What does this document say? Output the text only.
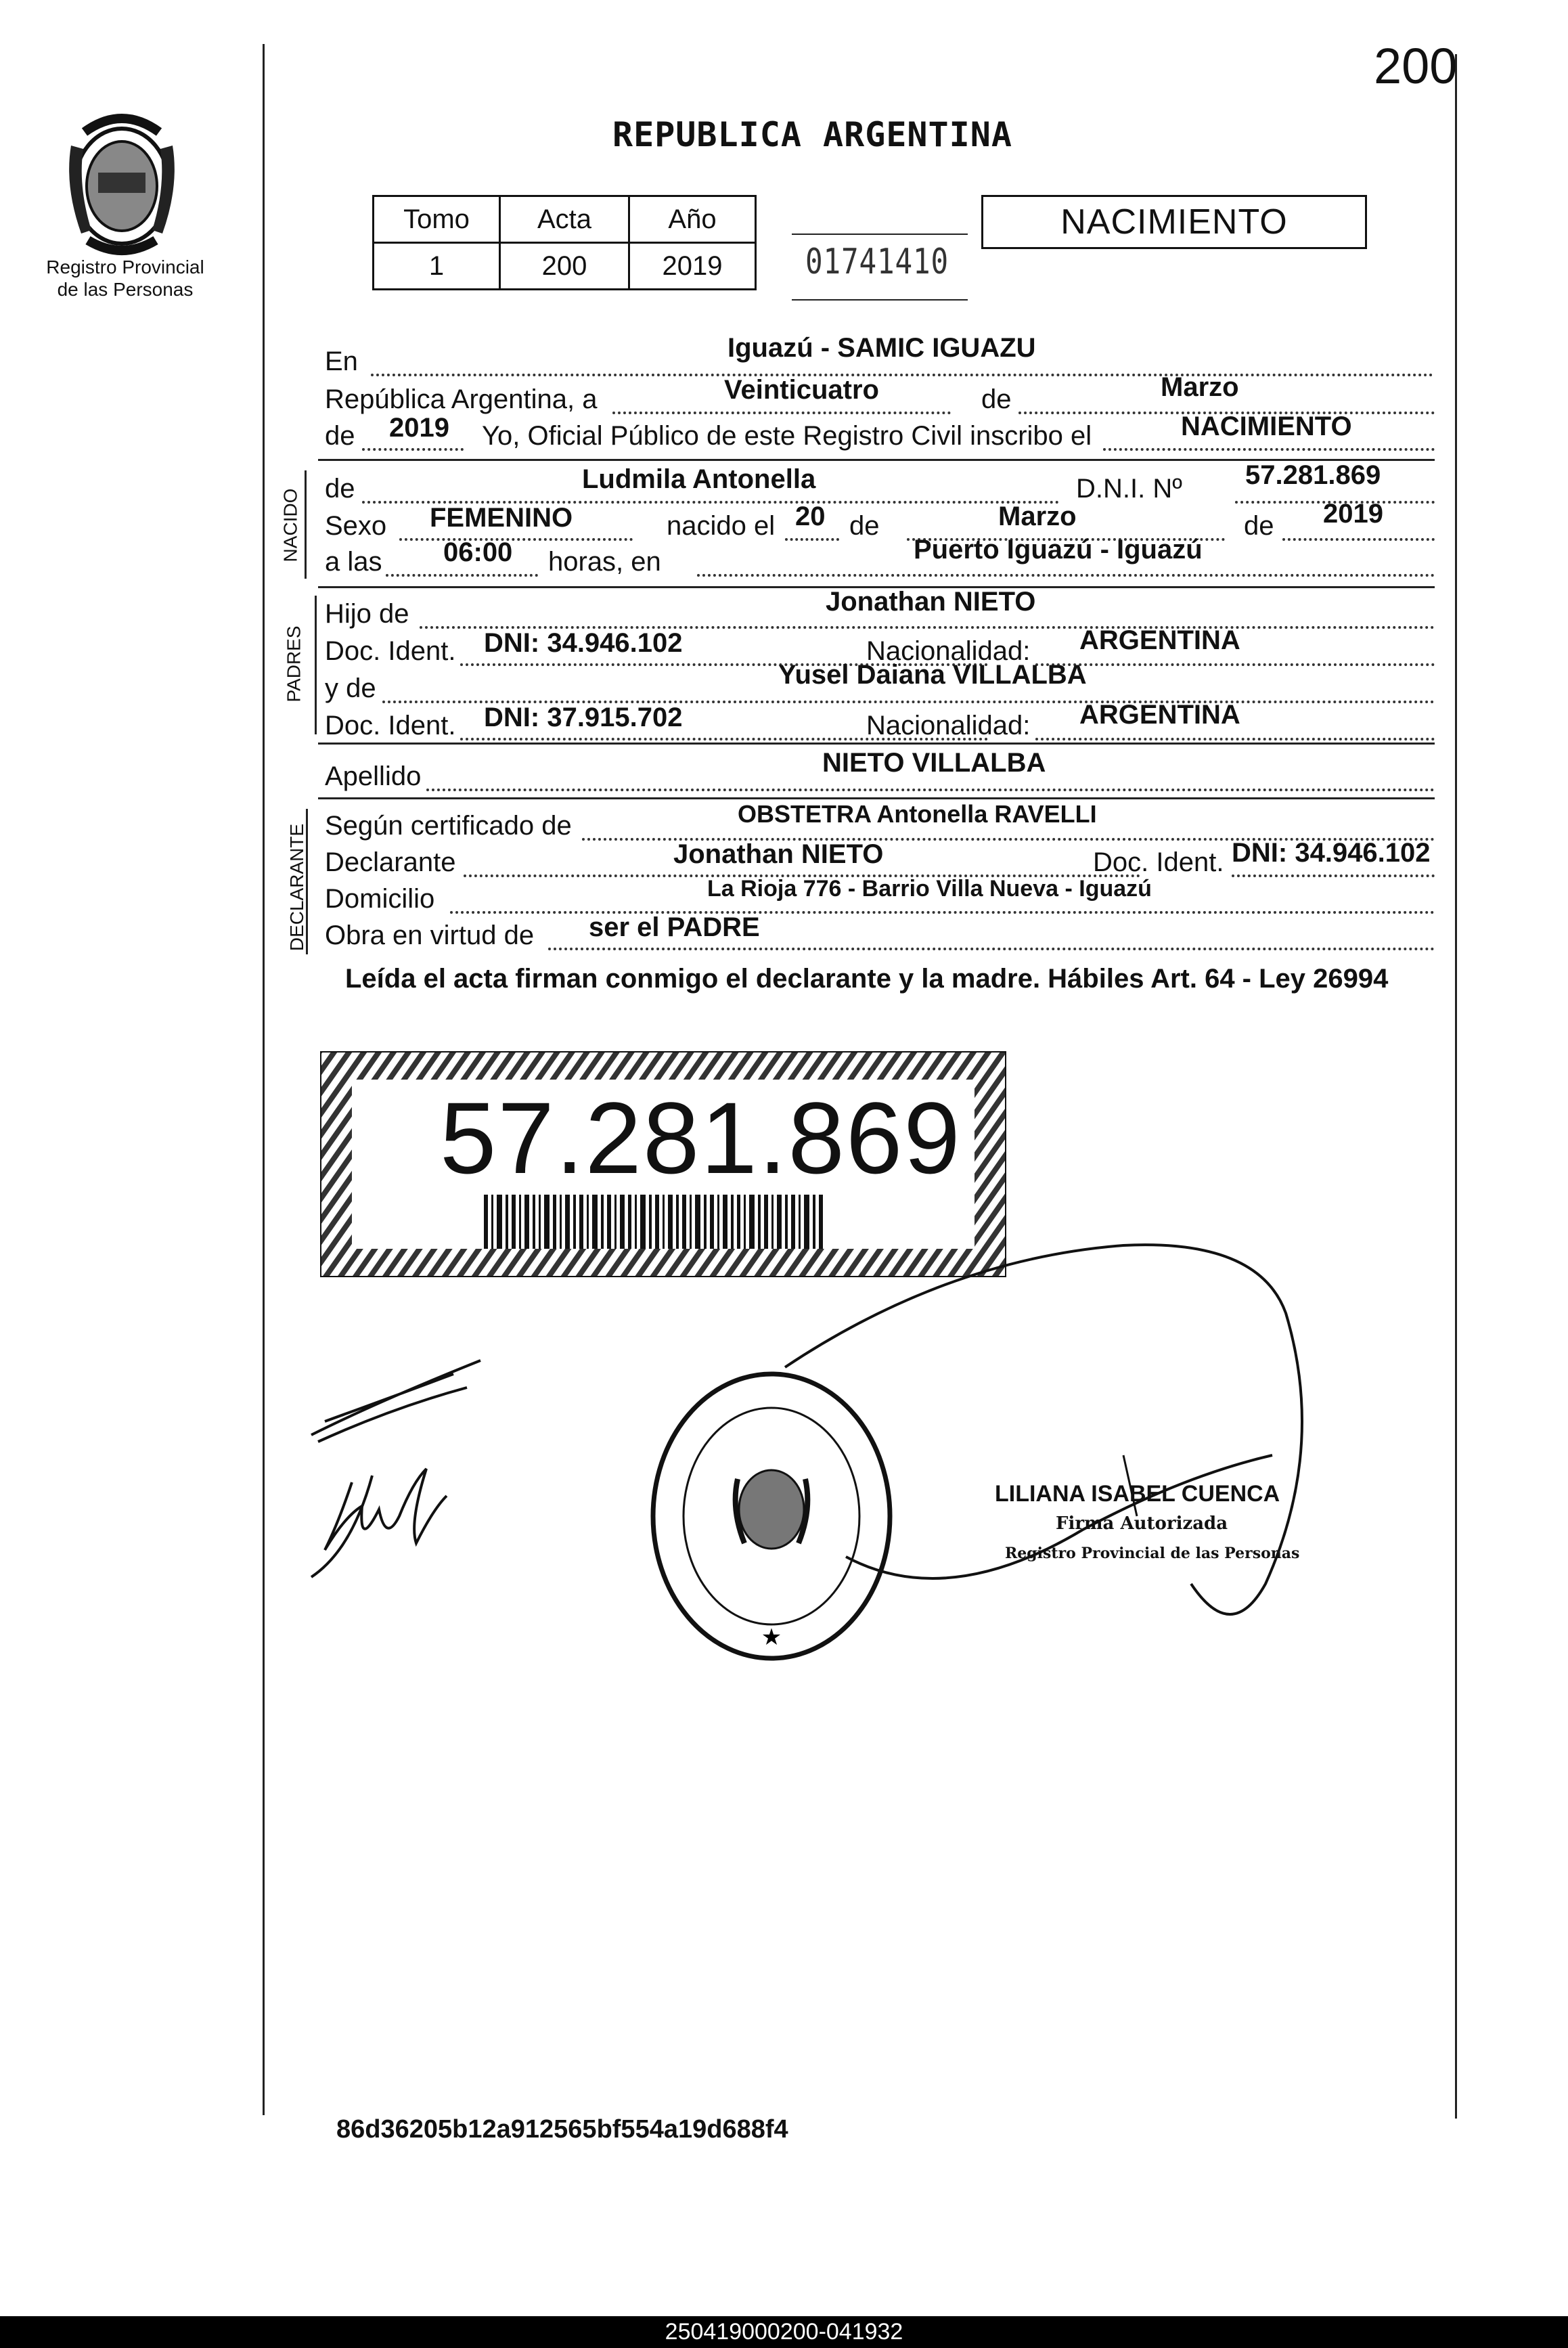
Registro Provincial
de las Personas
200
REPUBLICA ARGENTINA
Tomo	Acta	Año
1	200	2019 01741410
NACIMIENTO
En	Iguazú - SAMIC IGUAZU
República Argentina, a	Veinticuatro	de	Marzo
de 2019 Yo, Oficial Público de este Registro Civil inscribo el	NACIMIENTO
NACIDO de	Ludmila Antonella	D.N.I. Nº 57.281.869
Sexo FEMENINO	nacido el 20 de	Marzo	de 2019
a las 06:00 horas, en	Puerto Iguazú - Iguazú
PADRES
Hijo de	Jonathan NIETO
Doc. Ident. DNI: 34.946.102	Nacionalidad: ARGENTINA
y de	Yusel Daiana VILLALBA
Doc. Ident. DNI: 37.915.702	Nacionalidad: ARGENTINA
Apellido	NIETO VILLALBA
DECLARANTE Según certificado de	OBSTETRA Antonella RAVELLI
Declarante	Jonathan NIETO	Doc. Ident. DNI: 34.946.102
Domicilio	La Rioja 776 - Barrio Villa Nueva - Iguazú
Obra en virtud de ser el PADRE
Leída el acta firman conmigo el declarante y la madre. Hábiles Art. 64 - Ley 26994
57.281.869
★
LILIANA ISABEL CUENCA
Firma Autorizada
Registro Provincial de las Personas
86d36205b12a912565bf554a19d688f4
250419000200-041932
